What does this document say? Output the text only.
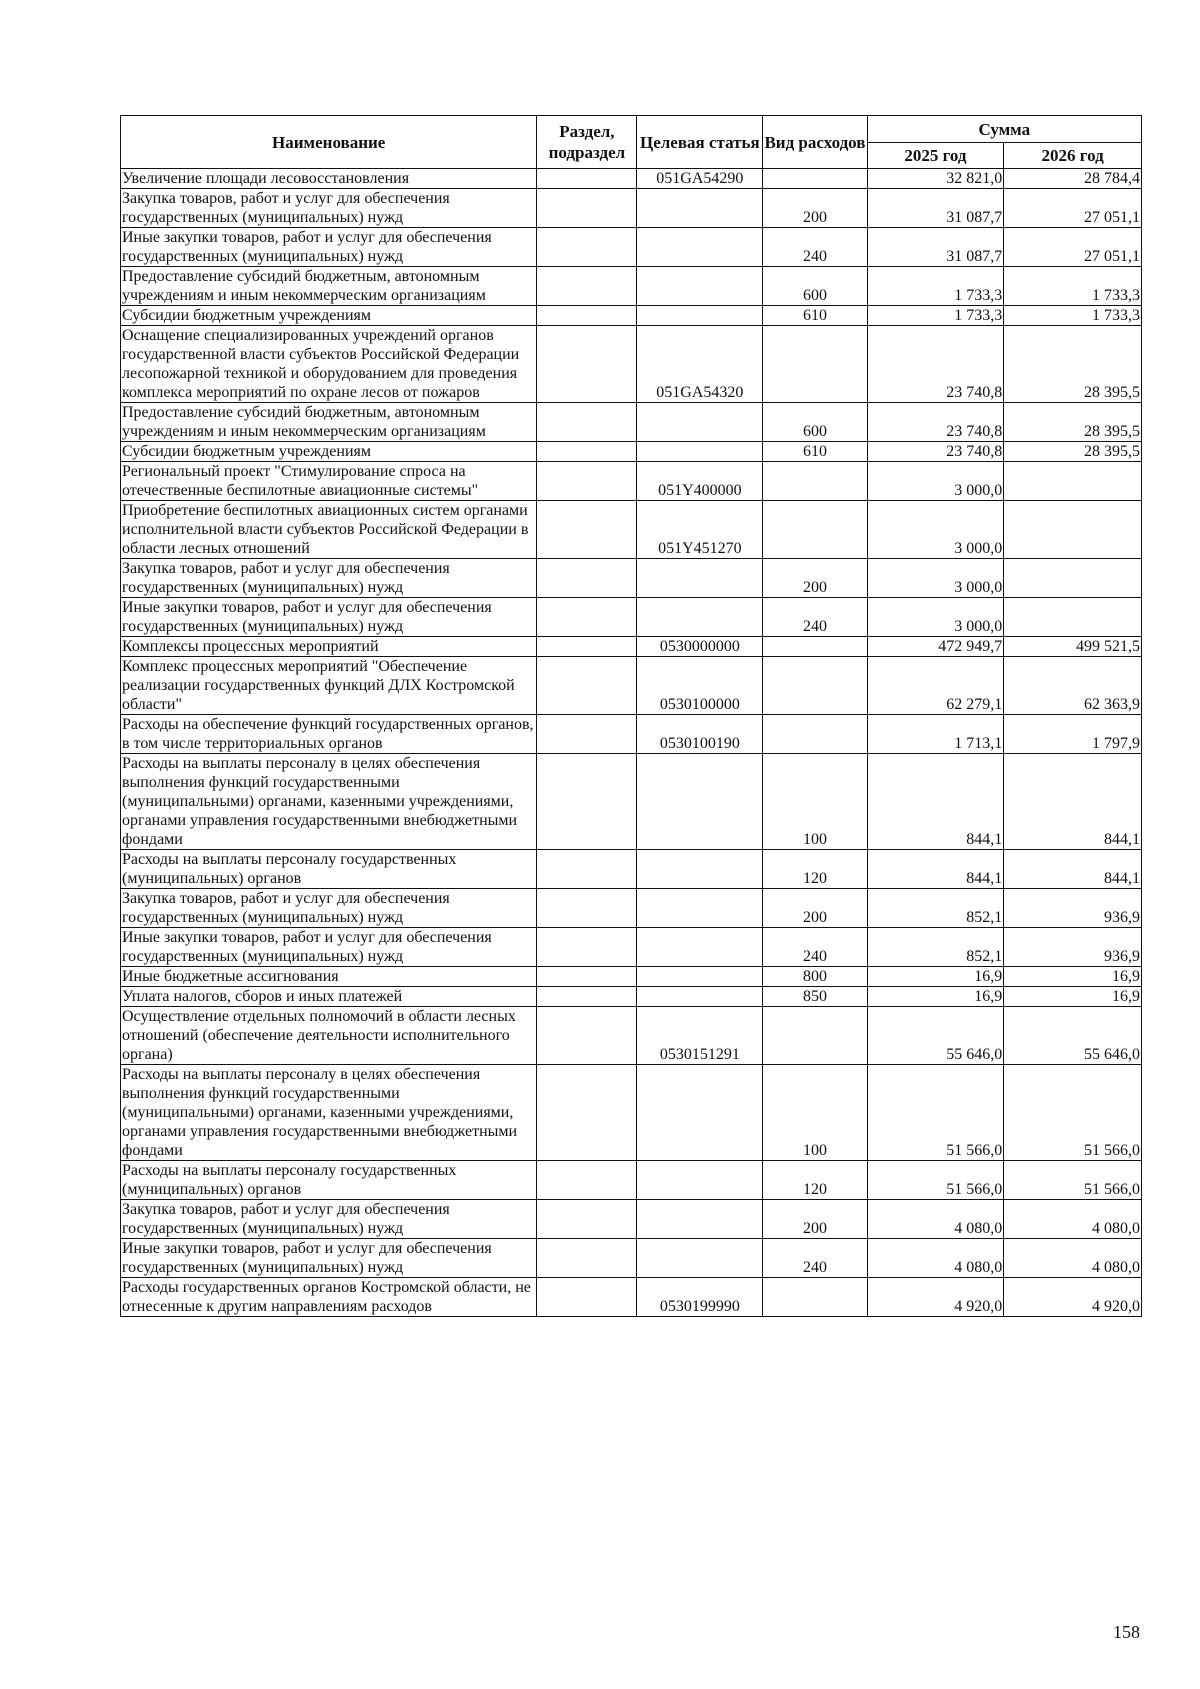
Наименование	Раздел, подраздел	Целевая статья	Вид расходов	Сумма	
				2025 год	2026 год
Увеличение площади лесовосстановления		051GA54290		32 821,0	28 784,4
Закупка товаров, работ и услуг для обеспечения государственных (муниципальных) нужд			200	31 087,7	27 051,1
Иные закупки товаров, работ и услуг для обеспечения государственных (муниципальных) нужд			240	31 087,7	27 051,1
Предоставление субсидий бюджетным, автономным учреждениям и иным некоммерческим организациям			600	1 733,3	1 733,3
Субсидии бюджетным учреждениям			610	1 733,3	1 733,3
Оснащение специализированных учреждений органов государственной власти субъектов Российской Федерации лесопожарной техникой и оборудованием для проведения комплекса мероприятий по охране лесов от пожаров		051GA54320		23 740,8	28 395,5
Предоставление субсидий бюджетным, автономным учреждениям и иным некоммерческим организациям			600	23 740,8	28 395,5
Субсидии бюджетным учреждениям			610	23 740,8	28 395,5
Региональный проект "Стимулирование спроса на отечественные беспилотные авиационные системы"		051Y400000		3 000,0	
Приобретение беспилотных авиационных систем органами исполнительной власти субъектов Российской Федерации в области лесных отношений		051Y451270		3 000,0	
Закупка товаров, работ и услуг для обеспечения государственных (муниципальных) нужд			200	3 000,0	
Иные закупки товаров, работ и услуг для обеспечения государственных (муниципальных) нужд			240	3 000,0	
Комплексы процессных мероприятий		0530000000		472 949,7	499 521,5
Комплекс процессных мероприятий "Обеспечение реализации государственных функций ДЛХ Костромской области"		0530100000		62 279,1	62 363,9
Расходы на обеспечение функций государственных органов, в том числе территориальных органов		0530100190		1 713,1	1 797,9
Расходы на выплаты персоналу в целях обеспечения выполнения функций государственными (муниципальными) органами, казенными учреждениями, органами управления государственными внебюджетными фондами			100	844,1	844,1
Расходы на выплаты персоналу государственных (муниципальных) органов			120	844,1	844,1
Закупка товаров, работ и услуг для обеспечения государственных (муниципальных) нужд			200	852,1	936,9
Иные закупки товаров, работ и услуг для обеспечения государственных (муниципальных) нужд			240	852,1	936,9
Иные бюджетные ассигнования			800	16,9	16,9
Уплата налогов, сборов и иных платежей			850	16,9	16,9
Осуществление отдельных полномочий в области лесных отношений (обеспечение деятельности исполнительного органа)		0530151291		55 646,0	55 646,0
Расходы на выплаты персоналу в целях обеспечения выполнения функций государственными (муниципальными) органами, казенными учреждениями, органами управления государственными внебюджетными фондами			100	51 566,0	51 566,0
Расходы на выплаты персоналу государственных (муниципальных) органов			120	51 566,0	51 566,0
Закупка товаров, работ и услуг для обеспечения государственных (муниципальных) нужд			200	4 080,0	4 080,0
Иные закупки товаров, работ и услуг для обеспечения государственных (муниципальных) нужд			240	4 080,0	4 080,0
Расходы государственных органов Костромской области, не отнесенные к другим направлениям расходов		0530199990		4 920,0	4 920,0
158
